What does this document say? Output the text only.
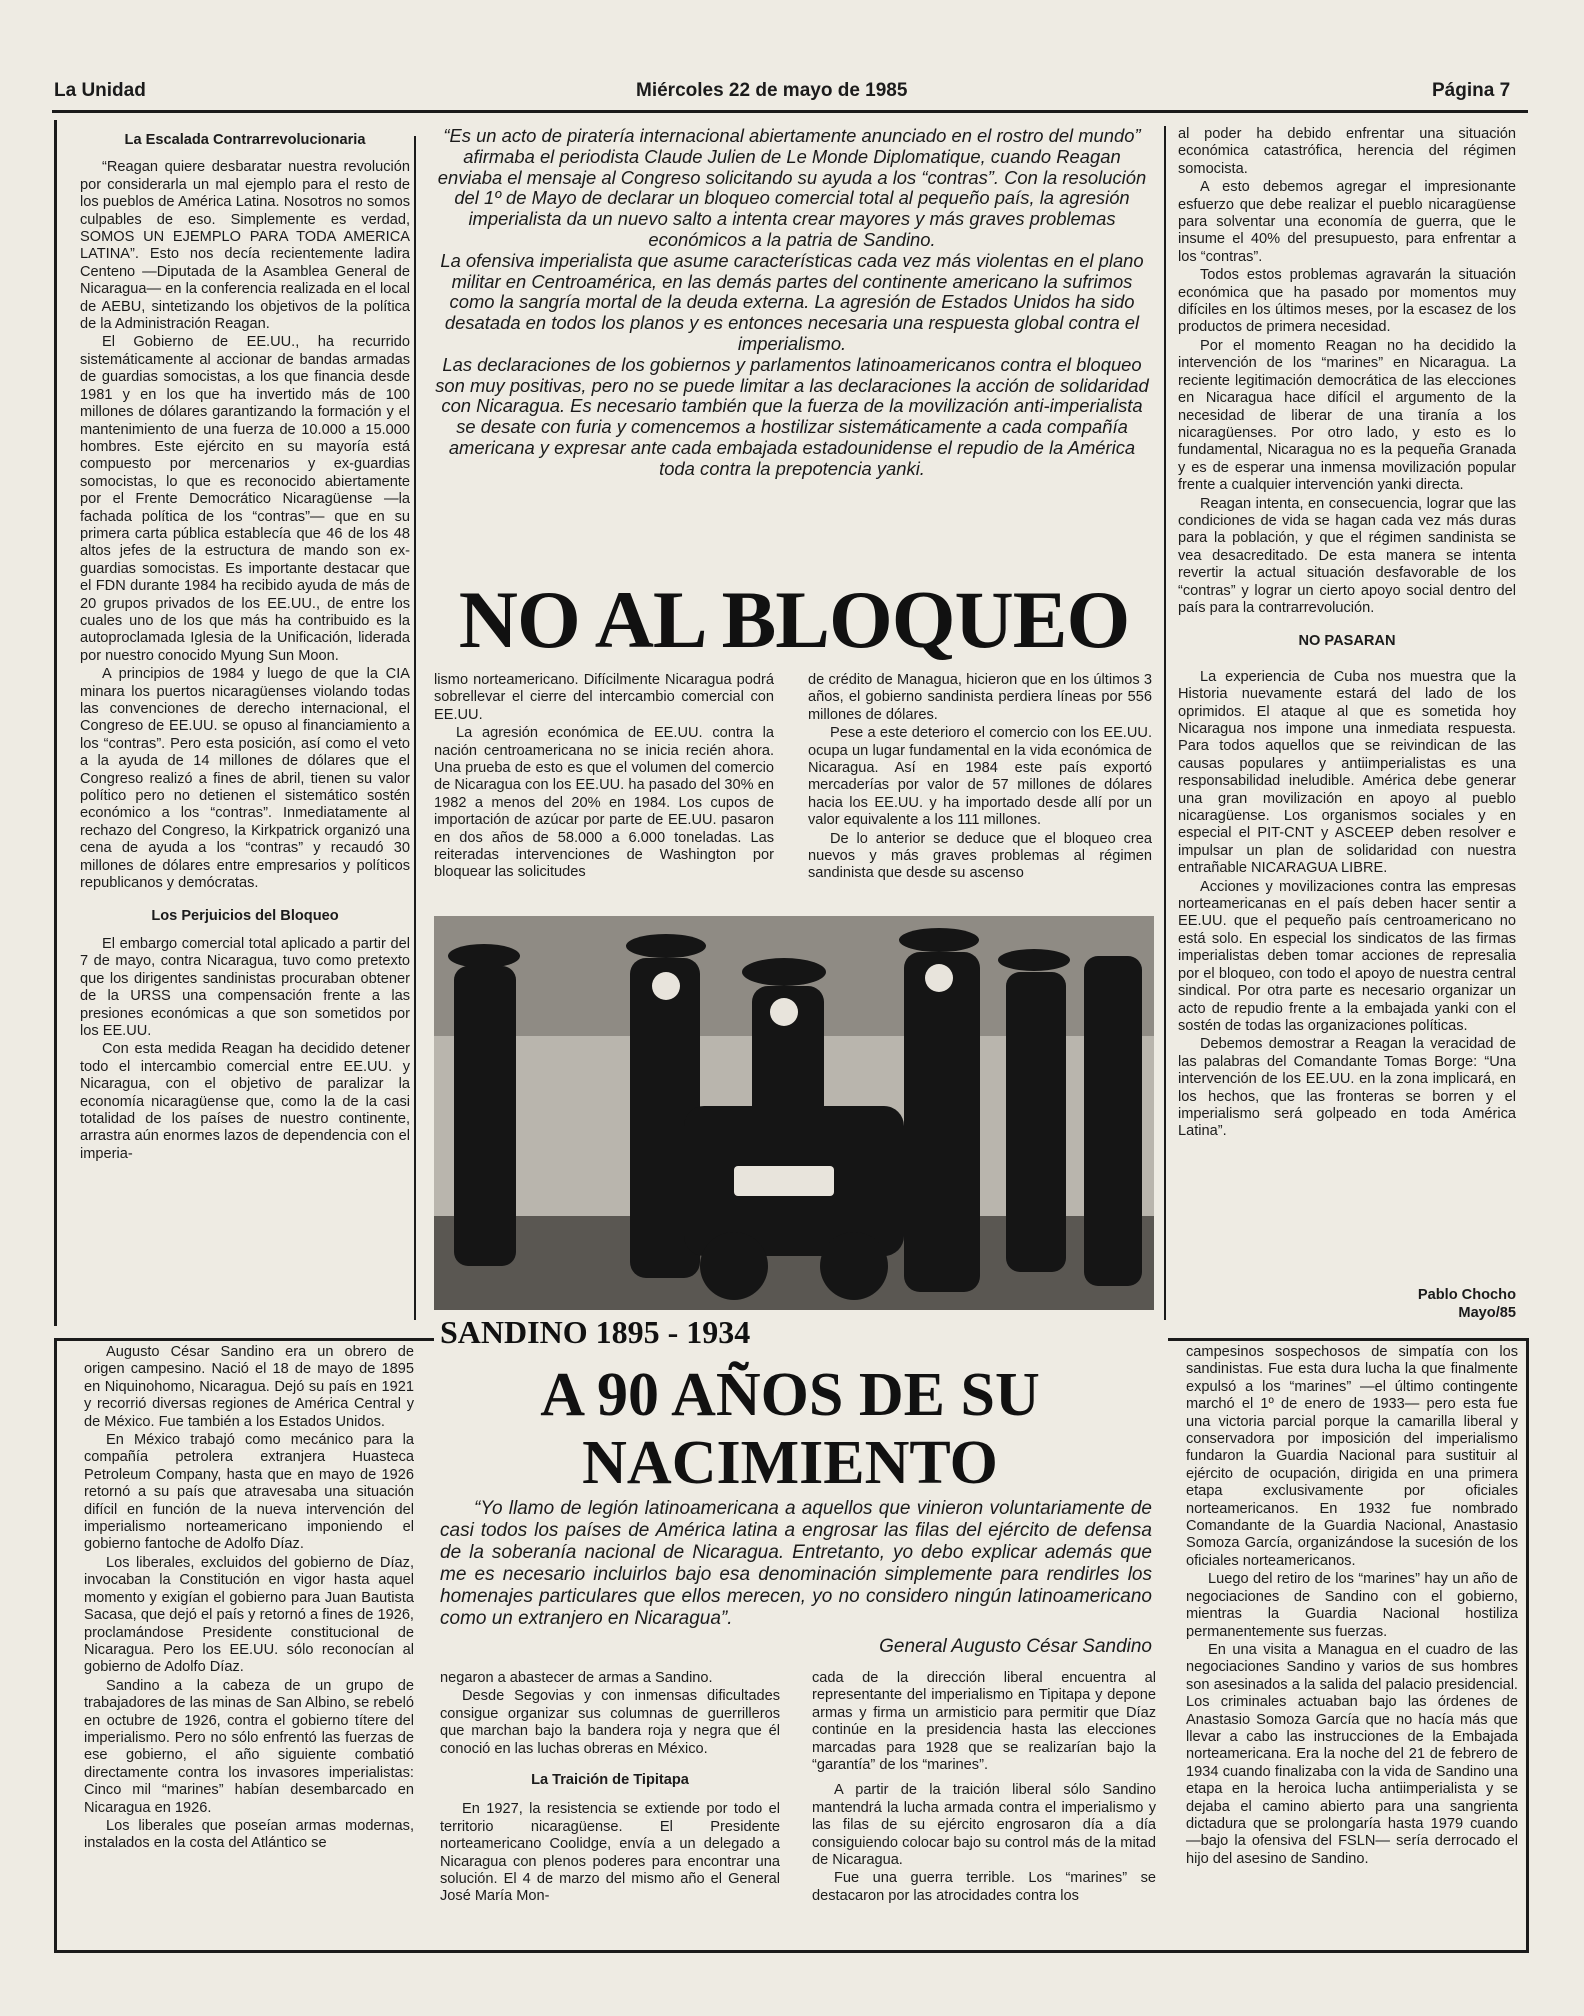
La Unidad	Miércoles 22 de mayo de 1985	Página 7
La Escalada Contrarrevolucionaria

“Reagan quiere desbaratar nuestra revolución por considerarla un mal ejemplo para el resto de los pueblos de América Latina. Nosotros no somos culpables de eso. Simplemente es verdad, SOMOS UN EJEMPLO PARA TODA AMERICA LATINA”. Esto nos decía recientemente ladira Centeno —Diputada de la Asamblea General de Nicaragua— en la conferencia realizada en el local de AEBU, sintetizando los objetivos de la política de la Administración Reagan.

El Gobierno de EE.UU., ha recurrido sistemáticamente al accionar de bandas armadas de guardias somocistas, a los que financia desde 1981 y en los que ha invertido más de 100 millones de dólares garantizando la formación y el mantenimiento de una fuerza de 10.000 a 15.000 hombres. Este ejército en su mayoría está compuesto por mercenarios y ex-guardias somocistas, lo que es reconocido abiertamente por el Frente Democrático Nicaragüense —la fachada política de los “contras”— que en su primera carta pública establecía que 46 de los 48 altos jefes de la estructura de mando son ex-guardias somocistas. Es importante destacar que el FDN durante 1984 ha recibido ayuda de más de 20 grupos privados de los EE.UU., de entre los cuales uno de los que más ha contribuido es la autoproclamada Iglesia de la Unificación, liderada por nuestro conocido Myung Sun Moon.

A principios de 1984 y luego de que la CIA minara los puertos nicaragüenses violando todas las convenciones de derecho internacional, el Congreso de EE.UU. se opuso al financiamiento a los “contras”. Pero esta posición, así como el veto a la ayuda de 14 millones de dólares que el Congreso realizó a fines de abril, tienen su valor político pero no detienen el sistemático sostén económico a los “contras”. Inmediatamente al rechazo del Congreso, la Kirkpatrick organizó una cena de ayuda a los “contras” y recaudó 30 millones de dólares entre empresarios y políticos republicanos y demócratas.

Los Perjuicios del Bloqueo

El embargo comercial total aplicado a partir del 7 de mayo, contra Nicaragua, tuvo como pretexto que los dirigentes sandinistas procuraban obtener de la URSS una compensación frente a las presiones económicas a que son sometidos por los EE.UU.

Con esta medida Reagan ha decidido detener todo el intercambio comercial entre EE.UU. y Nicaragua, con el objetivo de paralizar la economía nicaragüense que, como la de la casi totalidad de los países de nuestro continente, arrastra aún enormes lazos de dependencia con el imperia-

“Es un acto de piratería internacional abiertamente anunciado en el rostro del mundo” afirmaba el periodista Claude Julien de Le Monde Diplomatique, cuando Reagan enviaba el mensaje al Congreso solicitando su ayuda a los “contras”. Con la resolución del 1º de Mayo de declarar un bloqueo comercial total al pequeño país, la agresión imperialista da un nuevo salto a intenta crear mayores y más graves problemas económicos a la patria de Sandino.

La ofensiva imperialista que asume características cada vez más violentas en el plano militar en Centroamérica, en las demás partes del continente americano la sufrimos como la sangría mortal de la deuda externa. La agresión de Estados Unidos ha sido desatada en todos los planos y es entonces necesaria una respuesta global contra el imperialismo.

Las declaraciones de los gobiernos y parlamentos latinoamericanos contra el bloqueo son muy positivas, pero no se puede limitar a las declaraciones la acción de solidaridad con Nicaragua. Es necesario también que la fuerza de la movilización anti-imperialista se desate con furia y comencemos a hostilizar sistemáticamente a cada compañía americana y expresar ante cada embajada estadounidense el repudio de la América toda contra la prepotencia yanki.

NO AL BLOQUEO

lismo norteamericano. Difícilmente Nicaragua podrá sobrellevar el cierre del intercambio comercial con EE.UU.

La agresión económica de EE.UU. contra la nación centroamericana no se inicia recién ahora. Una prueba de esto es que el volumen del comercio de Nicaragua con los EE.UU. ha pasado del 30% en 1982 a menos del 20% en 1984. Los cupos de importación de azúcar por parte de EE.UU. pasaron en dos años de 58.000 a 6.000 toneladas. Las reiteradas intervenciones de Washington por bloquear las solicitudes

de crédito de Managua, hicieron que en los últimos 3 años, el gobierno sandinista perdiera líneas por 556 millones de dólares.

Pese a este deterioro el comercio con los EE.UU. ocupa un lugar fundamental en la vida económica de Nicaragua. Así en 1984 este país exportó mercaderías por valor de 57 millones de dólares hacia los EE.UU. y ha importado desde allí por un valor equivalente a los 111 millones.

De lo anterior se deduce que el bloqueo crea nuevos y más graves problemas al régimen sandinista que desde su ascenso

al poder ha debido enfrentar una situación económica catastrófica, herencia del régimen somocista.

A esto debemos agregar el impresionante esfuerzo que debe realizar el pueblo nicaragüense para solventar una economía de guerra, que le insume el 40% del presupuesto, para enfrentar a los “contras”.

Todos estos problemas agravarán la situación económica que ha pasado por momentos muy difíciles en los últimos meses, por la escasez de los productos de primera necesidad.

Por el momento Reagan no ha decidido la intervención de los “marines” en Nicaragua. La reciente legitimación democrática de las elecciones en Nicaragua hace difícil el argumento de la necesidad de liberar de una tiranía a los nicaragüenses. Por otro lado, y esto es lo fundamental, Nicaragua no es la pequeña Granada y es de esperar una inmensa movilización popular frente a cualquier intervención yanki directa.

Reagan intenta, en consecuencia, lograr que las condiciones de vida se hagan cada vez más duras para la población, y que el régimen sandinista se vea desacreditado. De esta manera se intenta revertir la actual situación desfavorable de los “contras” y lograr un cierto apoyo social dentro del país para la contrarrevolución.

NO PASARAN

La experiencia de Cuba nos muestra que la Historia nuevamente estará del lado de los oprimidos. El ataque al que es sometida hoy Nicaragua nos impone una inmediata respuesta. Para todos aquellos que se reivindican de las causas populares y antiimperialistas es una responsabilidad ineludible. América debe generar una gran movilización en apoyo al pueblo nicaragüense. Los organismos sociales y en especial el PIT-CNT y ASCEEP deben resolver e impulsar un plan de solidaridad con nuestra entrañable NICARAGUA LIBRE.

Acciones y movilizaciones contra las empresas norteamericanas en el país deben hacer sentir a EE.UU. que el pequeño país centroamericano no está solo. En especial los sindicatos de las firmas imperialistas deben tomar acciones de represalia por el bloqueo, con todo el apoyo de nuestra central sindical. Por otra parte es necesario organizar un acto de repudio frente a la embajada yanki con el sostén de todas las organizaciones políticas.

Debemos demostrar a Reagan la veracidad de las palabras del Comandante Tomas Borge: “Una intervención de los EE.UU. en la zona implicará, en los hechos, que las fronteras se borren y el imperialismo será golpeado en toda América Latina”.

Pablo Chocho
Mayo/85
SANDINO 1895 - 1934
A 90 AÑOS DE SU
NACIMIENTO

“Yo llamo de legión latinoamericana a aquellos que vinieron voluntariamente de casi todos los países de América latina a engrosar las filas del ejército de defensa de la soberanía nacional de Nicaragua. Entretanto, yo debo explicar además que me es necesario incluirlos bajo esa denominación simplemente para rendirles los homenajes particulares que ellos merecen, yo no considero ningún latinoamericano como un extranjero en Nicaragua”.

General Augusto César Sandino

Augusto César Sandino era un obrero de origen campesino. Nació el 18 de mayo de 1895 en Niquinohomo, Nicaragua. Dejó su país en 1921 y recorrió diversas regiones de América Central y de México. Fue también a los Estados Unidos.

En México trabajó como mecánico para la compañía petrolera extranjera Huasteca Petroleum Company, hasta que en mayo de 1926 retornó a su país que atravesaba una situación difícil en función de la nueva intervención del imperialismo norteamericano imponiendo el gobierno fantoche de Adolfo Díaz.

Los liberales, excluidos del gobierno de Díaz, invocaban la Constitución en vigor hasta aquel momento y exigían el gobierno para Juan Bautista Sacasa, que dejó el país y retornó a fines de 1926, proclamándose Presidente constitucional de Nicaragua. Pero los EE.UU. sólo reconocían al gobierno de Adolfo Díaz.

Sandino a la cabeza de un grupo de trabajadores de las minas de San Albino, se rebeló en octubre de 1926, contra el gobierno títere del imperialismo. Pero no sólo enfrentó las fuerzas de ese gobierno, el año siguiente combatió directamente contra los invasores imperialistas: Cinco mil “marines” habían desembarcado en Nicaragua en 1926.

Los liberales que poseían armas modernas, instalados en la costa del Atlántico se

negaron a abastecer de armas a Sandino.

Desde Segovias y con inmensas dificultades consigue organizar sus columnas de guerrilleros que marchan bajo la bandera roja y negra que él conoció en las luchas obreras en México.

La Traición de Tipitapa

En 1927, la resistencia se extiende por todo el territorio nicaragüense. El Presidente norteamericano Coolidge, envía a un delegado a Nicaragua con plenos poderes para encontrar una solución. El 4 de marzo del mismo año el General José María Mon-

cada de la dirección liberal encuentra al representante del imperialismo en Tipitapa y depone armas y firma un armisticio para permitir que Díaz continúe en la presidencia hasta las elecciones marcadas para 1928 que se realizarían bajo la “garantía” de los “marines”.

A partir de la traición liberal sólo Sandino mantendrá la lucha armada contra el imperialismo y las filas de su ejército engrosaron día a día consiguiendo colocar bajo su control más de la mitad de Nicaragua.

Fue una guerra terrible. Los “marines” se destacaron por las atrocidades contra los

campesinos sospechosos de simpatía con los sandinistas. Fue esta dura lucha la que finalmente expulsó a los “marines” —el último contingente marchó el 1º de enero de 1933— pero esta fue una victoria parcial porque la camarilla liberal y conservadora por imposición del imperialismo fundaron la Guardia Nacional para sustituir al ejército de ocupación, dirigida en una primera etapa exclusivamente por oficiales norteamericanos. En 1932 fue nombrado Comandante de la Guardia Nacional, Anastasio Somoza García, organizándose la sucesión de los oficiales norteamericanos.

Luego del retiro de los “marines” hay un año de negociaciones de Sandino con el gobierno, mientras la Guardia Nacional hostiliza permanentemente sus fuerzas.

En una visita a Managua en el cuadro de las negociaciones Sandino y varios de sus hombres son asesinados a la salida del palacio presidencial. Los criminales actuaban bajo las órdenes de Anastasio Somoza García que no hacía más que llevar a cabo las instrucciones de la Embajada norteamericana. Era la noche del 21 de febrero de 1934 cuando finalizaba con la vida de Sandino una etapa en la heroica lucha antiimperialista y se dejaba el camino abierto para una sangrienta dictadura que se prolongaría hasta 1979 cuando —bajo la ofensiva del FSLN— sería derrocado el hijo del asesino de Sandino.
